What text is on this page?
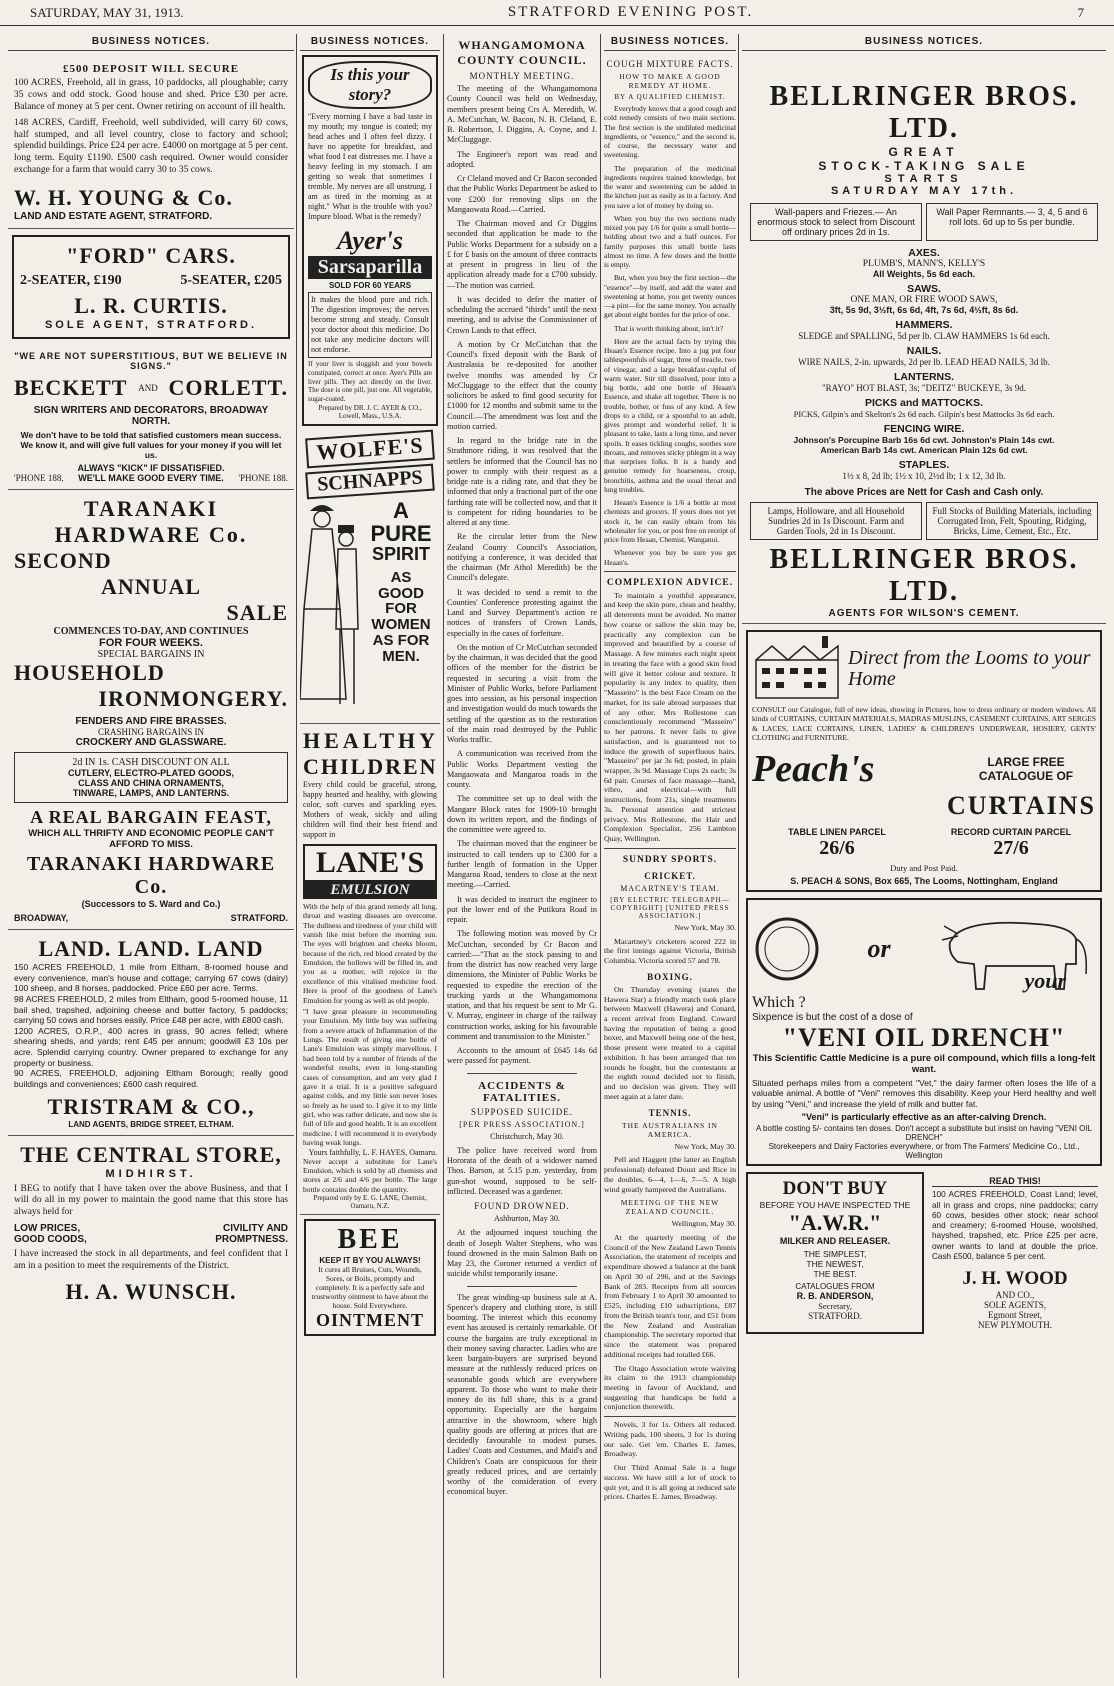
SATURDAY, MAY 31, 1913.	STRATFORD EVENING POST.	7
BUSINESS NOTICES.
£500 DEPOSIT WILL SECURE
100 ACRES, Freehold, all in grass, 10 paddocks, all ploughable; carry 35 cows and odd stock. Good house and shed. Price £30 per acre. Balance of money at 5 per cent. Owner retiring on account of ill health.
148 ACRES, Cardiff, Freehold, well subdivided, will carry 60 cows, half stumped, and all level country, close to factory and school; splendid buildings. Price £24 per acre. £4000 on mortgage at 5 per cent. long term. Equity £1190. £500 cash required. Owner would consider exchange for a farm that would carry 30 to 35 cows.
W. H. YOUNG & Co.
LAND AND ESTATE AGENT, STRATFORD.
"FORD" CARS.
2-SEATER, £190	5-SEATER, £205
L. R. CURTIS.
SOLE AGENT, STRATFORD.
"WE ARE NOT SUPERSTITIOUS, BUT WE BELIEVE IN SIGNS."
BECKETT AND CORLETT.
SIGN WRITERS AND DECORATORS, BROADWAY NORTH.
We don't have to be told that satisfied customers mean success.
We know it, and will give full values for your money if you will let us.
ALWAYS "KICK" IF DISSATISFIED.
'PHONE 188. WE'LL MAKE GOOD EVERY TIME. 'PHONE 188.
TARANAKI HARDWARE Co.
SECOND
ANNUAL
SALE
COMMENCES TO-DAY, AND CONTINUES
FOR FOUR WEEKS.
SPECIAL BARGAINS IN
HOUSEHOLD
IRONMONGERY.
FENDERS AND FIRE BRASSES.
CRASHING BARGAINS IN
CROCKERY AND GLASSWARE.
2d IN 1s. CASH DISCOUNT ON ALL
CUTLERY, ELECTRO-PLATED GOODS,
CLASS AND CHINA ORNAMENTS,
TINWARE, LAMPS, AND LANTERNS.
A REAL BARGAIN FEAST,
WHICH ALL THRIFTY AND ECONOMIC PEOPLE CAN'T AFFORD TO MISS.
TARANAKI HARDWARE Co.
(Successors to S. Ward and Co.)
BROADWAY,	STRATFORD.
LAND. LAND. LAND
150 ACRES FREEHOLD, 1 mile from Eltham, 8-roomed house and every convenience, man's house and cottage; carrying 67 cows (dairy) 100 sheep, and 8 horses, paddocked. Price £60 per acre. Terms.
98 ACRES FREEHOLD, 2 miles from Eltham, good 5-roomed house, 11 bail shed, trapshed, adjoining cheese and butter factory, 5 paddocks; carrying 50 cows and horses easily. Price £48 per acre, with £800 cash.
1200 ACRES, O.R.P., 400 acres in grass, 90 acres felled; where shearing sheds, and yards; rent £45 per annum; goodwill £3 10s per acre. Splendid carrying country. Owner prepared to exchange for any property or business.
90 ACRES, FREEHOLD, adjoining Eltham Borough; really good buildings and conveniences; £600 cash required.
TRISTRAM & CO.,
LAND AGENTS, BRIDGE STREET, ELTHAM.
THE CENTRAL STORE,
MIDHIRST.
I BEG to notify that I have taken over the above Business, and that I will do all in my power to maintain the good name that this store has always held for
LOW PRICES,	CIVILITY AND
GOOD COODS,	PROMPTNESS.
I have increased the stock in all departments, and feel confident that I am in a position to meet the requirements of the District.
H. A. WUNSCH.
BUSINESS NOTICES.
Is this your story?
"Every morning I have a bad taste in my mouth; my tongue is coated; my head aches and I often feel dizzy. I have no appetite for breakfast, and what food I eat distresses me. I have a heavy feeling in my stomach. I am getting so weak that sometimes I tremble. My nerves are all unstrung. I am as tired in the morning as at night." What is the trouble with you? Impure blood. What is the remedy?
Ayer's
Sarsaparilla
SOLD FOR 60 YEARS
It makes the blood pure and rich. The digestion improves; the nerves become strong and steady. Consult your doctor about this medicine. Do not take any medicine doctors will not endorse.
If your liver is sluggish and your bowels constipated, correct at once. Ayer's Pills are liver pills. They act directly on the liver. The dose is one pill, just one. All vegetable, sugar-coated.
Prepared by DR. J. C. AYER & CO., Lowell, Mass., U.S.A.
WOLFE'S
SCHNAPPS
A
PURE
SPIRIT
AS
GOOD
FOR
WOMEN
AS FOR
MEN.
HEALTHY
CHILDREN
Every child could be graceful, strong, happy hearted and healthy, with glowing color, soft curves and sparkling eyes. Mothers of weak, sickly and ailing children will find their best friend and support in
LANE'S
EMULSION
With the help of this grand remedy all lung, throat and wasting diseases are overcome. The dullness and tiredness of your child will vanish like mist before the morning sun. The eyes will brighten and cheeks bloom, because of the rich, red blood created by the Emulsion, the hollows will be filled in, and you as a mother, will rejoice in the excellence of this vitalised medicine food. Here is proof of the goodness of Lane's Emulsion for young as well as old people.
"I have great pleasure in recommending your Emulsion. My little boy was suffering from a severe attack of Inflammation of the Lungs. The result of giving one bottle of Lane's Emulsion was simply marvellous. I had been told by a number of friends of the wonderful results, even in long-standing cases of consumption, and am very glad I gave it a trial. It is a positive safeguard against colds, and my little son never loses so freely as he used to. I give it to my little girl, who was rather delicate, and now she is full of life and good health. It is an excellent medicine. I will recommend it to everybody having weak lungs.
Yours faithfully, L. F. HAYES, Oamaru.
Never accept a substitute for Lane's Emulsion, which is sold by all chemists and stores at 2/6 and 4/6 per bottle. The large bottle contains double the quantity.
Prepared only by E. G. LANE, Chemist, Oamaru, N.Z.
BEE
KEEP IT BY YOU ALWAYS!
It cures all Bruises, Cuts, Wounds, Sores, or Boils, promptly and completely. It is a perfectly safe and trustworthy ointment to have about the house. Sold Everywhere.
OINTMENT
WHANGAMOMONA COUNTY COUNCIL.
MONTHLY MEETING.

The meeting of the Whangamomona County Council was held on Wednesday, members present being Crs A. Meredith, W. A. McCutchan, W. Bacon, N. B. Cleland, E. B. Robertson, J. Diggins, A. Coyne, and J. McCluggage.

The Engineer's report was read and adopted.

Cr Cleland moved and Cr Bacon seconded that the Public Works Department be asked to vote £200 for removing slips on the Mangaowata Road.—Carried.

The Chairman moved and Cr Diggins seconded that application be made to the Public Works Department for a subsidy on a £ for £ basis on the amount of three contracts at present in progress in lieu of the application already made for a £700 subsidy.—The motion was carried.

It was decided to defer the matter of scheduling the accrued "thirds" until the next meeting, and to advise the Commissioner of Crown Lands to that effect.

A motion by Cr McCutchan that the Council's fixed deposit with the Bank of Australasia be re-deposited for another twelve months was amended by Cr McCluggage to the effect that the county solicitors be asked to find good security for £1000 for 12 months and submit same to the Council.—The amendment was lost and the motion carried.

In regard to the bridge rate in the Strathmore riding, it was resolved that the settlers be informed that the Council has no power to comply with their request as a bridge rate is a riding rate, and that they be informed that only a fractional part of the one farthing rate will be collected now, and that it is competent for riding boundaries to be altered at any time.

Re the circular letter from the New Zealand County Council's Association, notifying a conference, it was decided that the chairman (Mr Athol Meredith) be the Council's delegate.

It was decided to send a remit to the Counties' Conference protesting against the Land and Survey Department's action re notices of transfers of Crown Lands, especially in the cases of forfeiture.

On the motion of Cr McCutchan seconded by the chairman, it was decided that the good offices of the member for the district be requested in securing a visit from the Minister of Public Works, before Parliament goes into session, as his personal inspection and investigation would do much towards the settling of the question as to the restoration of the main road destroyed by the Public Works traffic.

A communication was received from the Public Works Department vesting the Mangaowata and Mangaroa roads in the county.

The committee set up to deal with the Mangare Block rates for 1909-10 brought down its written report, and the findings of the committee were agreed to.

The chairman moved that the engineer be instructed to call tenders up to £300 for a further length of formation in the Upper Mangaroa Road, tenders to close at the next meeting.—Carried.

It was decided to instruct the engineer to put the lower end of the Putikura Road in repair.

The following motion was moved by Cr McCutchan, seconded by Cr Bacon and carried:—"That as the stock passing to and from the district has now reached very large dimensions, the Minister of Public Works be requested to expedite the erection of the trucking yards at the Whangamomona station, and that his request be sent to Mr G. V. Murray, engineer in charge of the railway construction works, asking for his favourable comment and transmission to the Minister."

Accounts to the amount of £645 14s 6d were passed for payment.

ACCIDENTS & FATALITIES.
SUPPOSED SUICIDE.
[PER PRESS ASSOCIATION.]

Christchurch, May 30.

The police have received word from Hororata of the death of a widower named Thos. Barson, at 5.15 p.m. yesterday, from gun-shot wound, supposed to be self-inflicted. Deceased was a gardener.

FOUND DROWNED.

Ashburton, May 30.

At the adjourned inquest touching the death of Joseph Walter Stephens, who was found drowned in the main Salmon Bath on May 23, the Coroner returned a verdict of suicide whilst temporarily insane.

The great winding-up business sale at A. Spencer's drapery and clothing store, is still booming. The interest which this economy event has aroused is certainly remarkable. Of course the bargains are truly exceptional in their money saving character. Ladies who are keen bargain-buyers are surprised beyond measure at the ruthlessly reduced prices on seasonable goods which are everywhere apparent. To those who want to make their money do its full share, this is a grand opportunity. Especially are the bargains attractive in the showroom, where high quality goods are offering at prices that are decidedly favourable to modest purses. Ladies' Coats and Costumes, and Maid's and Children's Coats are conspicuous for their greatly reduced prices, and are certainly worthy of the consideration of every economical buyer.

BUSINESS NOTICES.
COUGH MIXTURE FACTS.
HOW TO MAKE A GOOD REMEDY AT HOME.
BY A QUALIFIED CHEMIST.

Everybody knows that a good cough and cold remedy consists of two main sections. The first section is the undiluted medicinal ingredients, or "essence," and the second is, of course, the necessary water and sweetening.

The preparation of the medicinal ingredients requires trained knowledge, but the water and sweetening can be added in the kitchen just as easily as in a factory. And you save a lot of money by doing so.

When you buy the two sections ready mixed you pay 1/6 for quite a small bottle—holding about two and a half ounces. For family purposes this small bottle lasts almost no time. A few doses and the bottle is empty.

But, when you buy the first section—the "essence"—by itself, and add the water and sweetening at home, you get twenty ounces—a pint—for the same money. You actually get about eight bottles for the price of one.

That is worth thinking about, isn't it?

Here are the actual facts by trying this Heaan's Essence recipe. Into a jug put four tablespoonfuls of sugar, three of treacle, two of vinegar, and a large breakfast-cupful of warm water. Stir till dissolved, pour into a big bottle, add one bottle of Heaan's Essence, and shake all together. There is no trouble, bother, or fuss of any kind. A few drops to a child, or a spoonful to an adult, gives prompt and wonderful relief. It is pleasant to take, lasts a long time, and never spoils. It eases tickling coughs, soothes sore throats, and removes sticky phlegm in a way that surprises folks. It is a handy and genuine remedy for hoarseness, croup, bronchitis, asthma and the usual throat and lung troubles.

Heaan's Essence is 1/6 a bottle at most chemists and grocers. If yours does not yet stock it, he can easily obtain from his wholesaler for you, or post free on receipt of price from Heaan, Chemist, Wanganui.

Whenever you buy be sure you get Heaan's.

COMPLEXION ADVICE.

To maintain a youthful appearance, and keep the skin pure, clean and healthy, all deterrents must be avoided. No matter how coarse or sallow the skin may be, practically any complexion can be improved and beautified by a course of Massage. A few minutes each night spent in treating the face with a good skin food will give it better colour and texture. It popularity is any index to quality, then "Masseiro" is the best Face Cream on the market, for its sale abroad surpasses that of any other. Mrs Rollestone can conscientiously recommend "Masseiro" to her patrons. It never fails to give satisfaction, and is guaranteed not to induce the growth of superfluous hairs. "Masseiro" per jar 3s 6d; posted, in plain wrapper, 3s 9d. Massage Cups 2s each; 3s 6d pair. Courses of face massage—hand, vibro, and electrical—with full instructions, from 21s, single treatments 3s. Personal attention and strictest privacy. Mrs Rollestone, the Hair and Complexion Specialist, 256 Lambton Quay, Wellington.

SUNDRY SPORTS.
CRICKET.
MACARTNEY'S TEAM.
[BY ELECTRIC TELEGRAPH—COPYRIGHT] [UNITED PRESS ASSOCIATION.]

New York, May 30.

Macartney's cricketers scored 222 in the first innings against Victoria, British Columbia. Victoria scored 57 and 78.

BOXING.

On Thursday evening (states the Hawera Star) a friendly match took place between Maxwell (Hawera) and Conard, a recent arrival from England. Coward having the reputation of being a good boxer, and Maxwell being one of the best, those present were treated to a capital exhibition. It has been arranged that ten rounds be fought, but the contestants at the eighth round decided not to finish, and no decision was given. They will meet again at a later date.

TENNIS.
THE AUSTRALIANS IN AMERICA.

New York, May 30.

Pell and Haggett (the latter an English professional) defeated Doust and Rice in the doubles, 6—4, 1—6, 7—5. A high wind greatly hampered the Australians.

MEETING OF THE NEW ZEALAND COUNCIL.

Wellington, May 30.

At the quarterly meeting of the Council of the New Zealand Lawn Tennis Association, the statement of receipts and expenditure showed a balance at the bank on April 30 of 296, and at the Savings Bank of 283. Receipts from all sources from February 1 to April 30 amounted to £525, including £10 subscriptions, £87 from the British team's tour, and £51 from the New Zealand and Australian championship. The secretary reported that since the statement was prepared additional receipts had totalled £66.

The Otago Association wrote waiving its claim to the 1913 championship meeting in favour of Auckland, and suggesting that handicaps be held a conjunction therewith.

Novels, 3 for 1s. Others all reduced. Writing pads, 100 sheets, 3 for 1s during our sale. Get 'em. Charles E. James, Broadway.

Our Third Annual Sale is a huge success. We have still a lot of stock to quit yet, and it is all going at reduced sale prices. Charles E. James, Broadway.

BUSINESS NOTICES.
BELLRINGER BROS. LTD.
GREAT
STOCK-TAKING SALE
STARTS
SATURDAY MAY 17th.
Wall-papers and Friezes.— An enormous stock to select from Discount off ordinary prices 2d in 1s.
Wall Paper Remnants.— 3, 4, 5 and 6 roll lots. 6d up to 5s per bundle.
AXES.
PLUMB'S, MANN'S, KELLY'S
All Weights, 5s 6d each.
SAWS.
ONE MAN, OR FIRE WOOD SAWS,
3ft, 5s 9d, 3½ft, 6s 6d, 4ft, 7s 6d, 4½ft, 8s 6d.
HAMMERS.
SLEDGE and SPALLING, 5d per lb. CLAW HAMMERS 1s 6d each.
NAILS.
WIRE NAILS, 2-in. upwards, 2d per lb. LEAD HEAD NAILS, 3d lb.
LANTERNS.
"RAYO" HOT BLAST, 3s; "DEITZ" BUCKEYE, 3s 9d.
PICKS and MATTOCKS.
PICKS, Gilpin's and Skelton's 2s 6d each. Gilpin's best Mattocks 3s 6d each.
FENCING WIRE.
Johnson's Porcupine Barb 16s 6d cwt. Johnston's Plain 14s cwt.
American Barb 14s cwt. American Plain 12s 6d cwt.
STAPLES.
1½ x 8, 2d lb; 1½ x 10, 2½d lb; 1 x 12, 3d lb.
The above Prices are Nett for Cash and Cash only.
Lamps, Holloware, and all Household Sundries 2d in 1s Discount. Farm and Garden Tools, 2d in 1s Discount.
Full Stocks of Building Materials, including Corrugated Iron, Felt, Spouting, Ridging, Bricks, Lime, Cement, Etc., Etc.
BELLRINGER BROS. LTD.
AGENTS FOR WILSON'S CEMENT.
Direct from the Looms to your Home
CONSULT our Catalogue, full of new ideas, showing in Pictures, how to dress ordinary or modern windows. All kinds of CURTAINS, CURTAIN MATERIALS, MADRAS MUSLINS, CASEMENT CURTAINS, ART SERGES & LACES, LACE CURTAINS, LINEN, LADIES' & CHILDREN'S UNDERWEAR, HOSIERY, GENTS' CLOTHING and FURNITURE.
Peach's	LARGE FREE CATALOGUE OF
CURTAINS
TABLE LINEN PARCEL
26/6
RECORD CURTAIN PARCEL
27/6
Duty and Post Paid.
S. PEACH & SONS, Box 665, The Looms, Nottingham, England
or
your
Which ?
Sixpence is but the cost of a dose of
"VENI OIL DRENCH"
This Scientific Cattle Medicine is a pure oil compound, which fills a long-felt want.
Situated perhaps miles from a competent "Vet," the dairy farmer often loses the life of a valuable animal. A bottle of "Veni" removes this disability. Keep your Herd healthy and well by using "Veni," and increase the yield of milk and butter fat.
"Veni" is particularly effective as an after-calving Drench.
A bottle costing 5/- contains ten doses. Don't accept a substitute but insist on having "VENI OIL DRENCH"
Storekeepers and Dairy Factories everywhere, or from The Farmers' Medicine Co., Ltd., Wellington
DON'T BUY
BEFORE YOU HAVE INSPECTED THE
"A.W.R."
MILKER AND RELEASER.
THE SIMPLEST,
THE NEWEST,
THE BEST.
CATALOGUES FROM
R. B. ANDERSON,
Secretary,
STRATFORD.
READ THIS!
100 ACRES FREEHOLD, Coast Land; level, all in grass and crops, nine paddocks; carry 60 cows, besides other stock; near school and creamery; 6-roomed House, woolshed, hayshed, trapshed, etc. Price £25 per acre, owner wants to land at double the price. Cash £500, balance 5 per cent.
J. H. WOOD
AND CO.,
SOLE AGENTS,
Egmont Street,
NEW PLYMOUTH.
